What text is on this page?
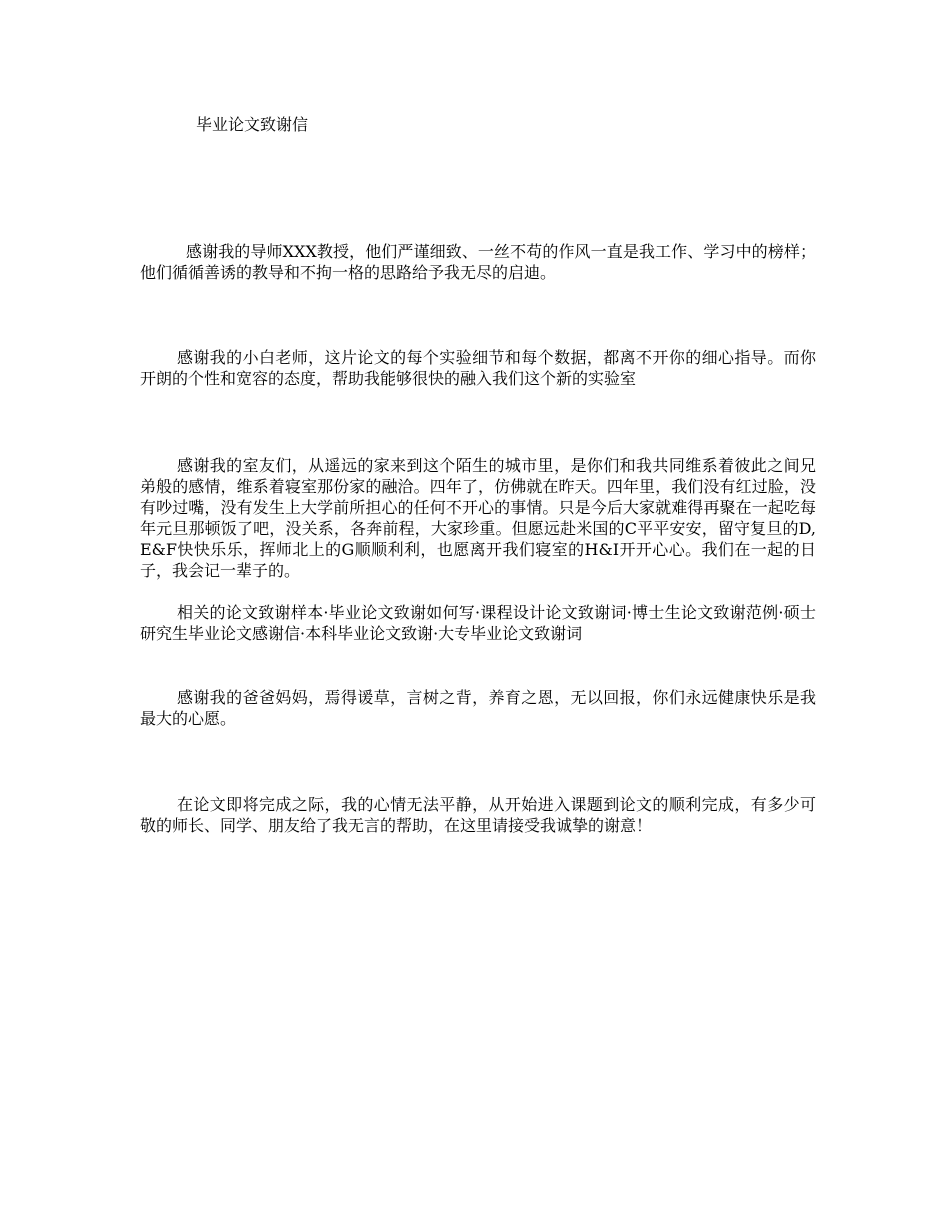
毕业论文致谢信
感谢我的导师XXX教授，他们严谨细致、一丝不苟的作风一直是我工作、学习中的榜样；他们循循善诱的教导和不拘一格的思路给予我无尽的启迪。
感谢我的小白老师，这片论文的每个实验细节和每个数据，都离不开你的细心指导。而你开朗的个性和宽容的态度，帮助我能够很快的融入我们这个新的实验室
感谢我的室友们，从遥远的家来到这个陌生的城市里，是你们和我共同维系着彼此之间兄弟般的感情，维系着寝室那份家的融洽。四年了，仿佛就在昨天。四年里，我们没有红过脸，没有吵过嘴，没有发生上大学前所担心的任何不开心的事情。只是今后大家就难得再聚在一起吃每年元旦那顿饭了吧，没关系，各奔前程，大家珍重。但愿远赴米国的C平平安安，留守复旦的D,E&F快快乐乐，挥师北上的G顺顺利利，也愿离开我们寝室的H&I开开心心。我们在一起的日子，我会记一辈子的。
相关的论文致谢样本·毕业论文致谢如何写·课程设计论文致谢词·博士生论文致谢范例·硕士研究生毕业论文感谢信·本科毕业论文致谢·大专毕业论文致谢词
感谢我的爸爸妈妈，焉得谖草，言树之背，养育之恩，无以回报，你们永远健康快乐是我最大的心愿。
在论文即将完成之际，我的心情无法平静，从开始进入课题到论文的顺利完成，有多少可敬的师长、同学、朋友给了我无言的帮助，在这里请接受我诚挚的谢意！
